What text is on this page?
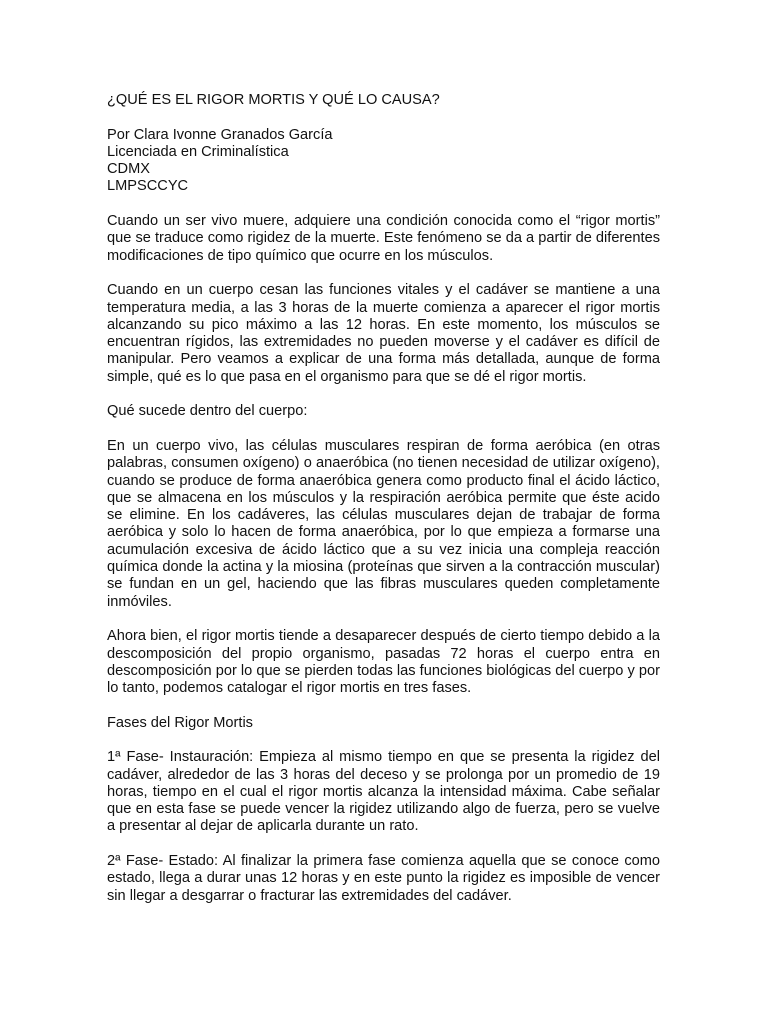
¿QUÉ ES EL RIGOR MORTIS Y QUÉ LO CAUSA?

Por Clara Ivonne Granados García
Licenciada en Criminalística
CDMX
LMPSCCYC

Cuando un ser vivo muere, adquiere una condición conocida como el “rigor mortis” que se traduce como rigidez de la muerte. Este fenómeno se da a partir de diferentes modificaciones de tipo químico que ocurre en los músculos.

Cuando en un cuerpo cesan las funciones vitales y el cadáver se mantiene a una temperatura media, a las 3 horas de la muerte comienza a aparecer el rigor mortis alcanzando su pico máximo a las 12 horas. En este momento, los músculos se encuentran rígidos, las extremidades no pueden moverse y el cadáver es difícil de manipular. Pero veamos a explicar de una forma más detallada, aunque de forma simple, qué es lo que pasa en el organismo para que se dé el rigor mortis.

Qué sucede dentro del cuerpo:

En un cuerpo vivo, las células musculares respiran de forma aeróbica (en otras palabras, consumen oxígeno) o anaeróbica (no tienen necesidad de utilizar oxígeno), cuando se produce de forma anaeróbica genera como producto final el ácido láctico, que se almacena en los músculos y la respiración aeróbica permite que éste acido se elimine. En los cadáveres, las células musculares dejan de trabajar de forma aeróbica y solo lo hacen de forma anaeróbica, por lo que empieza a formarse una acumulación excesiva de ácido láctico que a su vez inicia una compleja reacción química donde la actina y la miosina (proteínas que sirven a la contracción muscular) se fundan en un gel, haciendo que las fibras musculares queden completamente inmóviles.

Ahora bien, el rigor mortis tiende a desaparecer después de cierto tiempo debido a la descomposición del propio organismo, pasadas 72 horas el cuerpo entra en descomposición por lo que se pierden todas las funciones biológicas del cuerpo y por lo tanto, podemos catalogar el rigor mortis en tres fases.

Fases del Rigor Mortis

1ª Fase- Instauración: Empieza al mismo tiempo en que se presenta la rigidez del cadáver, alrededor de las 3 horas del deceso y se prolonga por un promedio de 19 horas, tiempo en el cual el rigor mortis alcanza la intensidad máxima. Cabe señalar que en esta fase se puede vencer la rigidez utilizando algo de fuerza, pero se vuelve a presentar al dejar de aplicarla durante un rato.

2ª Fase- Estado: Al finalizar la primera fase comienza aquella que se conoce como estado, llega a durar unas 12 horas y en este punto la rigidez es imposible de vencer sin llegar a desgarrar o fracturar las extremidades del cadáver.
